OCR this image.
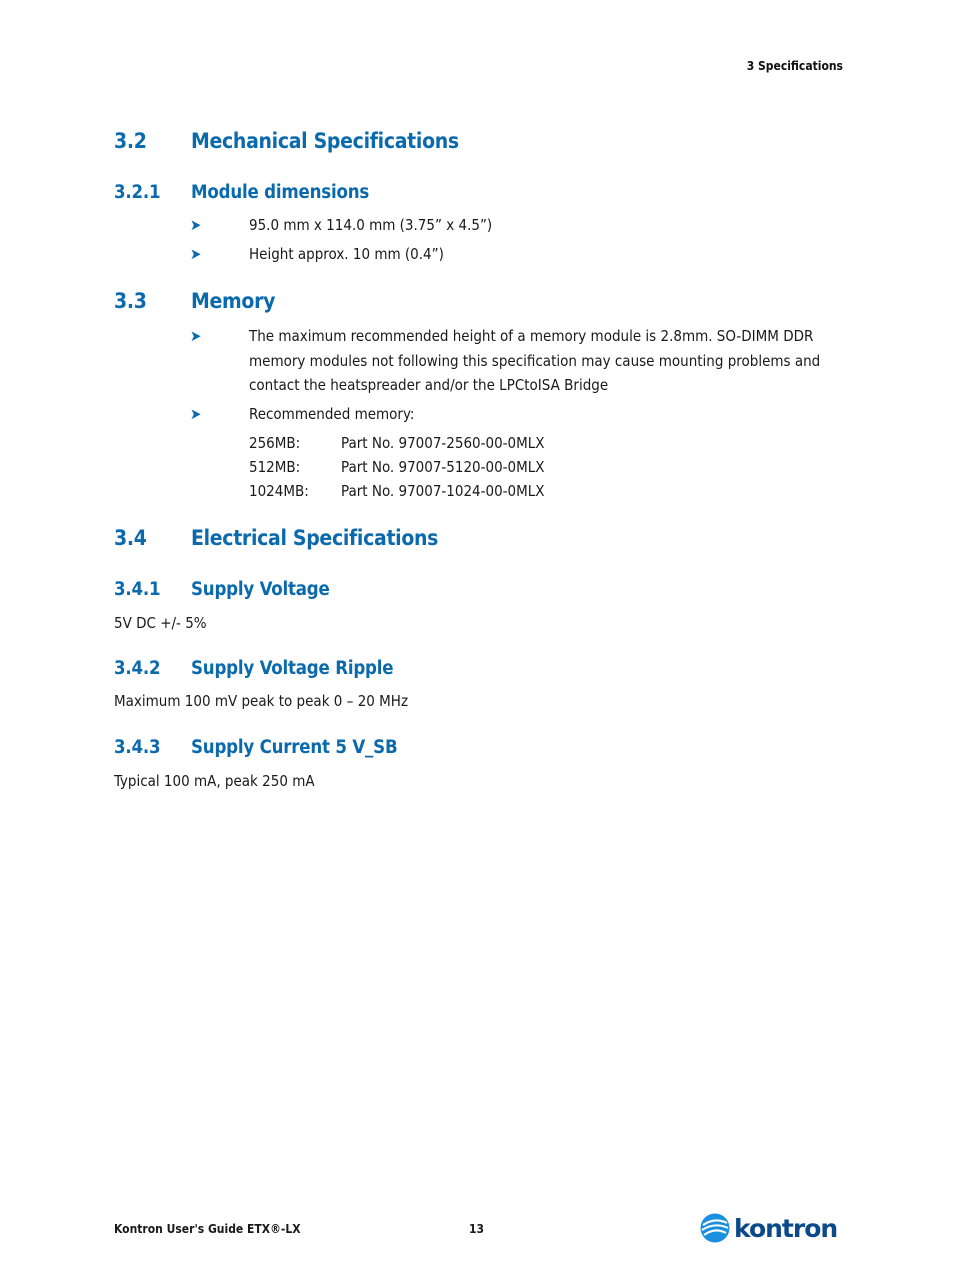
3 Specifications
3.2 Mechanical Specifications
3.2.1 Module dimensions
➤	95.0 mm x 114.0 mm (3.75” x 4.5”)
➤	Height approx. 10 mm (0.4”)
3.3 Memory
➤	The maximum recommended height of a memory module is 2.8mm. SO-DIMM DDR
memory modules not following this specification may cause mounting problems and
contact the heatspreader and/or the LPCtoISA Bridge
➤	Recommended memory:
256MB:	Part No. 97007-2560-00-0MLX
512MB:	Part No. 97007-5120-00-0MLX
1024MB: Part No. 97007-1024-00-0MLX
3.4 Electrical Specifications
3.4.1 Supply Voltage
5V DC +/- 5%
3.4.2 Supply Voltage Ripple
Maximum 100 mV peak to peak 0 – 20 MHz
3.4.3 Supply Current 5 V_SB
Typical 100 mA, peak 250 mA
Kontron User's Guide ETX®-LX	13	kontron
